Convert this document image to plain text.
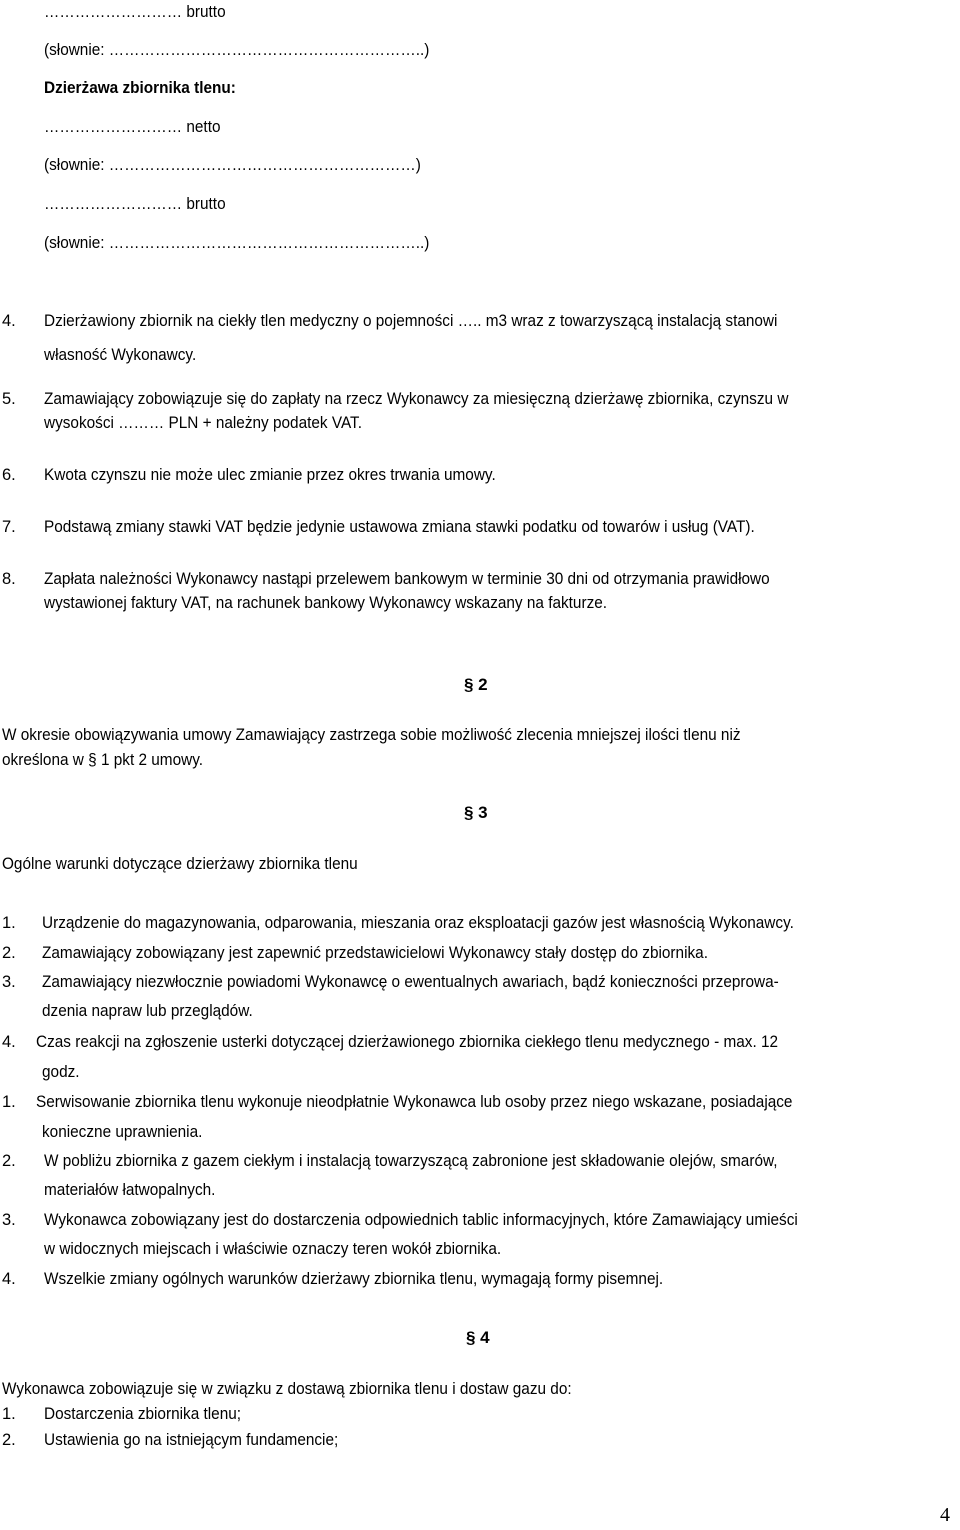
……………………… brutto
(słownie: ……………………………………………………..)
Dzierżawa zbiornika tlenu:
……………………… netto
(słownie: ……………………………………………………)
……………………… brutto
(słownie: ……………………………………………………..)
4. Dzierżawiony zbiornik na ciekły tlen medyczny o pojemności ….. m3 wraz z towarzyszącą instalacją stanowi
własność Wykonawcy.
5. Zamawiający zobowiązuje się do zapłaty na rzecz Wykonawcy za miesięczną dzierżawę zbiornika, czynszu w
wysokości ……… PLN + należny podatek VAT.
6. Kwota czynszu nie może ulec zmianie przez okres trwania umowy.
7. Podstawą zmiany stawki VAT będzie jedynie ustawowa zmiana stawki podatku od towarów i usług (VAT).
8. Zapłata należności Wykonawcy nastąpi przelewem bankowym w terminie 30 dni od otrzymania prawidłowo
wystawionej faktury VAT, na rachunek bankowy Wykonawcy wskazany na fakturze.
§ 2
W okresie obowiązywania umowy Zamawiający zastrzega sobie możliwość zlecenia mniejszej ilości tlenu niż
określona w § 1 pkt 2 umowy.
§ 3
Ogólne warunki dotyczące dzierżawy zbiornika tlenu
1. Urządzenie do magazynowania, odparowania, mieszania oraz eksploatacji gazów jest własnością Wykonawcy.
2. Zamawiający zobowiązany jest zapewnić przedstawicielowi Wykonawcy stały dostęp do zbiornika.
3. Zamawiający niezwłocznie powiadomi Wykonawcę o ewentualnych awariach, bądź konieczności przeprowa-
dzenia napraw lub przeglądów.
4. Czas reakcji na zgłoszenie usterki dotyczącej dzierżawionego zbiornika ciekłego tlenu medycznego - max. 12
godz.
1. Serwisowanie zbiornika tlenu wykonuje nieodpłatnie Wykonawca lub osoby przez niego wskazane, posiadające
konieczne uprawnienia.
2. W pobliżu zbiornika z gazem ciekłym i instalacją towarzyszącą zabronione jest składowanie olejów, smarów,
materiałów łatwopalnych.
3. Wykonawca zobowiązany jest do dostarczenia odpowiednich tablic informacyjnych, które Zamawiający umieści
w widocznych miejscach i właściwie oznaczy teren wokół zbiornika.
4. Wszelkie zmiany ogólnych warunków dzierżawy zbiornika tlenu, wymagają formy pisemnej.
§ 4
Wykonawca zobowiązuje się w związku z dostawą zbiornika tlenu i dostaw gazu do:
1. Dostarczenia zbiornika tlenu;
2. Ustawienia go na istniejącym fundamencie;
4
